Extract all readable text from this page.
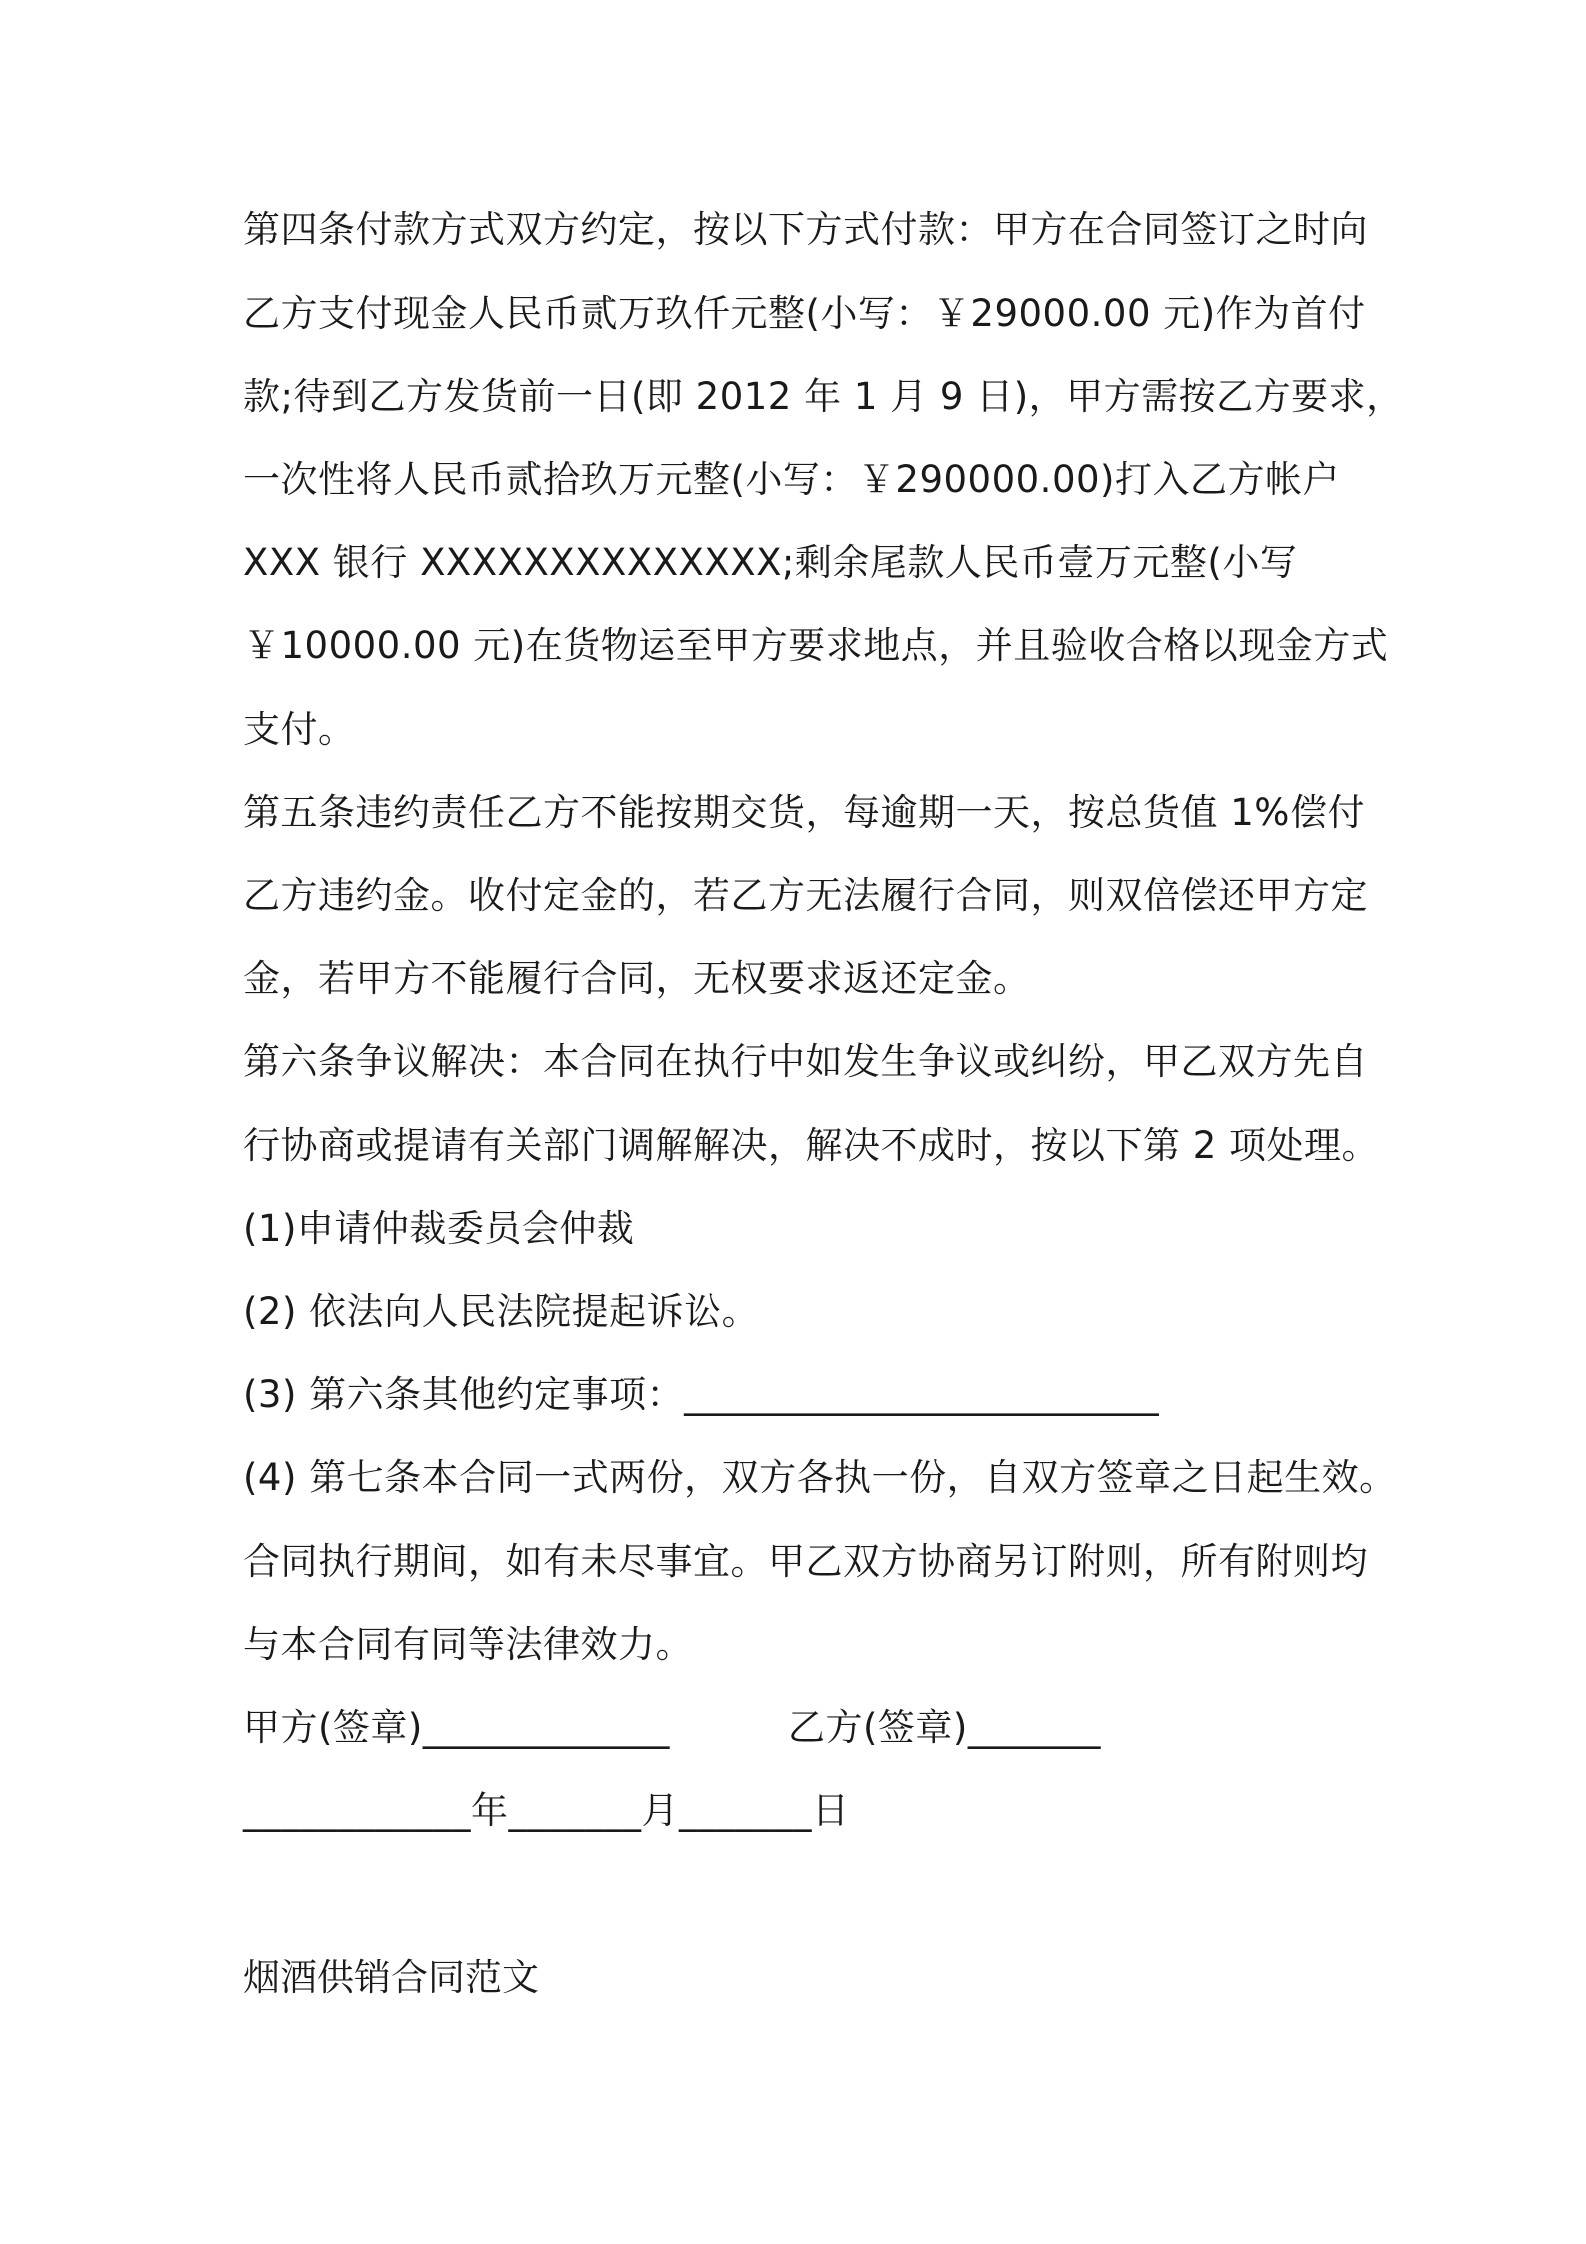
第四条付款方式双方约定，按以下方式付款：甲方在合同签订之时向
乙方支付现金人民币贰万玖仟元整(小写：￥29000.00 元)作为首付
款;待到乙方发货前一日(即 2012 年 1 月 9 日)，甲方需按乙方要求，
一次性将人民币贰拾玖万元整(小写：￥290000.00)打入乙方帐户
XXX 银行 XXXXXXXXXXXXXX;剩余尾款人民币壹万元整(小写
￥10000.00 元)在货物运至甲方要求地点，并且验收合格以现金方式
支付。
第五条违约责任乙方不能按期交货，每逾期一天，按总货值 1%偿付
乙方违约金。收付定金的，若乙方无法履行合同，则双倍偿还甲方定
金，若甲方不能履行合同，无权要求返还定金。
第六条争议解决：本合同在执行中如发生争议或纠纷，甲乙双方先自
行协商或提请有关部门调解解决，解决不成时，按以下第 2 项处理。
(1)申请仲裁委员会仲裁
(2) 依法向人民法院提起诉讼。
(3) 第六条其他约定事项：_________________________
(4) 第七条本合同一式两份，双方各执一份，自双方签章之日起生效。
合同执行期间，如有未尽事宜。甲乙双方协商另订附则，所有附则均
与本合同有同等法律效力。
甲方(签章)_____________	乙方(签章)_______
____________年_______月_______日
烟酒供销合同范文
